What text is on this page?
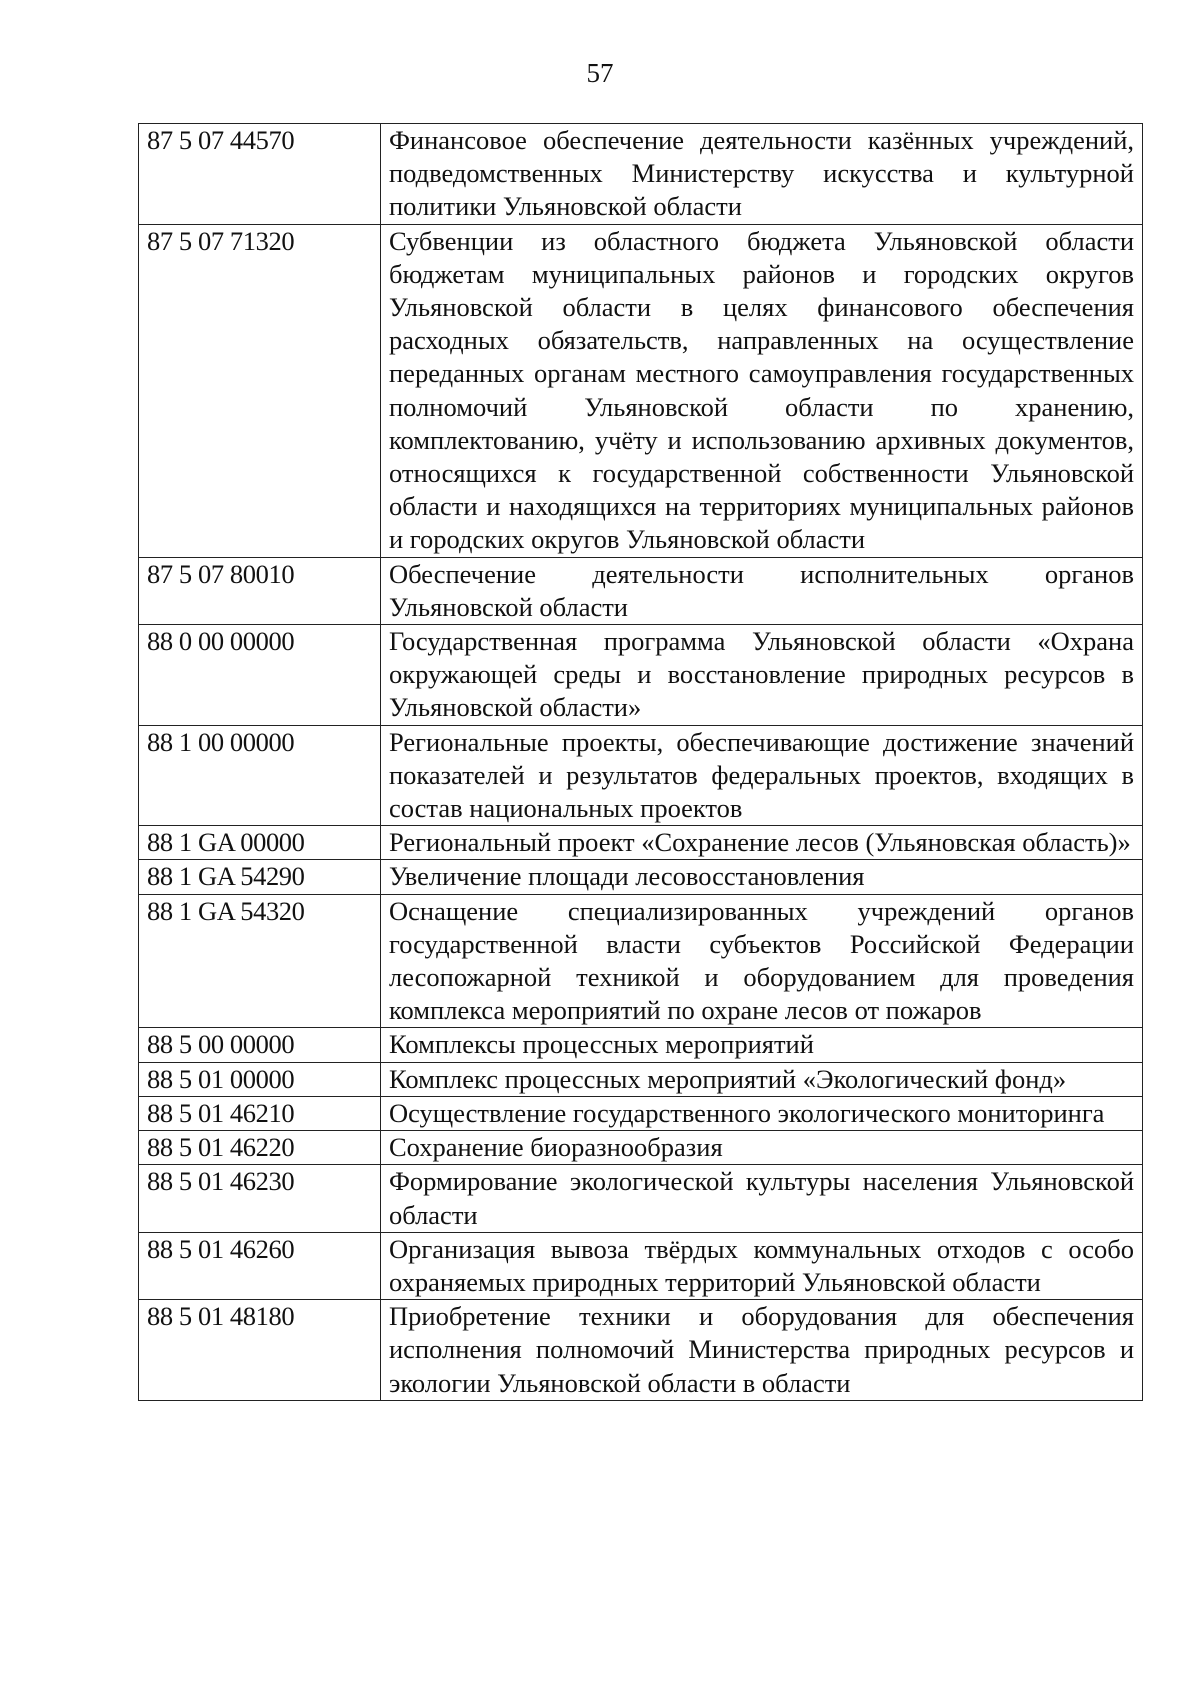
57
87 5 07 44570	Финансовое обеспечение деятельности казённых учреждений, подведомственных Министерству искусства и культурной политики Ульяновской области
87 5 07 71320	Субвенции из областного бюджета Ульяновской области бюджетам муниципальных районов и городских округов Ульяновской области в целях финансового обеспечения расходных обязательств, направленных на осуществление переданных органам местного самоуправления государственных полномочий Ульяновской области по хранению, комплектованию, учёту и использованию архивных документов, относящихся к государственной собственности Ульяновской области и находящихся на территориях муниципальных районов и городских округов Ульяновской области
87 5 07 80010	Обеспечение деятельности исполнительных органов Ульяновской области
88 0 00 00000	Государственная программа Ульяновской области «Охрана окружающей среды и восстановление природных ресурсов в Ульяновской области»
88 1 00 00000	Региональные проекты, обеспечивающие достижение значений показателей и результатов федеральных проектов, входящих в состав национальных проектов
88 1 GA 00000	Региональный проект «Сохранение лесов (Ульяновская область)»
88 1 GA 54290	Увеличение площади лесовосстановления
88 1 GA 54320	Оснащение специализированных учреждений органов государственной власти субъектов Российской Федерации лесопожарной техникой и оборудованием для проведения комплекса мероприятий по охране лесов от пожаров
88 5 00 00000	Комплексы процессных мероприятий
88 5 01 00000	Комплекс процессных мероприятий «Экологический фонд»
88 5 01 46210	Осуществление государственного экологического мониторинга
88 5 01 46220	Сохранение биоразнообразия
88 5 01 46230	Формирование экологической культуры населения Ульяновской области
88 5 01 46260	Организация вывоза твёрдых коммунальных отходов с особо охраняемых природных территорий Ульяновской области
88 5 01 48180	Приобретение техники и оборудования для обеспечения исполнения полномочий Министерства природных ресурсов и экологии Ульяновской области в области
